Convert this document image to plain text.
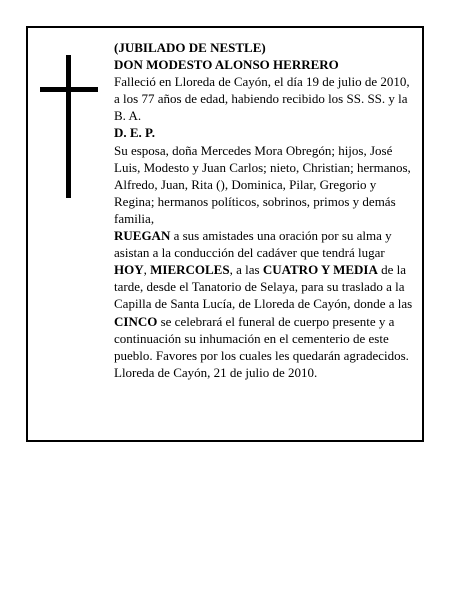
(JUBILADO DE NESTLE)

DON MODESTO ALONSO HERRERO

Falleció en Lloreda de Cayón, el día 19 de julio de 2010, a los 77 años de edad, habiendo recibido los SS. SS. y la B. A.

D. E. P.

Su esposa, doña Mercedes Mora Obregón; hijos, José Luis, Modesto y Juan Carlos; nieto, Christian; hermanos, Alfredo, Juan, Rita (), Dominica, Pilar, Gregorio y Regina; hermanos políticos, sobrinos, primos y demás familia,

RUEGAN a sus amistades una oración por su alma y asistan a la conducción del cadáver que tendrá lugar HOY, MIERCOLES, a las CUATRO Y MEDIA de la tarde, desde el Tanatorio de Selaya, para su traslado a la Capilla de Santa Lucía, de Lloreda de Cayón, donde a las CINCO se celebrará el funeral de cuerpo presente y a continuación su inhumación en el cementerio de este pueblo. Favores por los cuales les quedarán agradecidos.

Lloreda de Cayón, 21 de julio de 2010.
